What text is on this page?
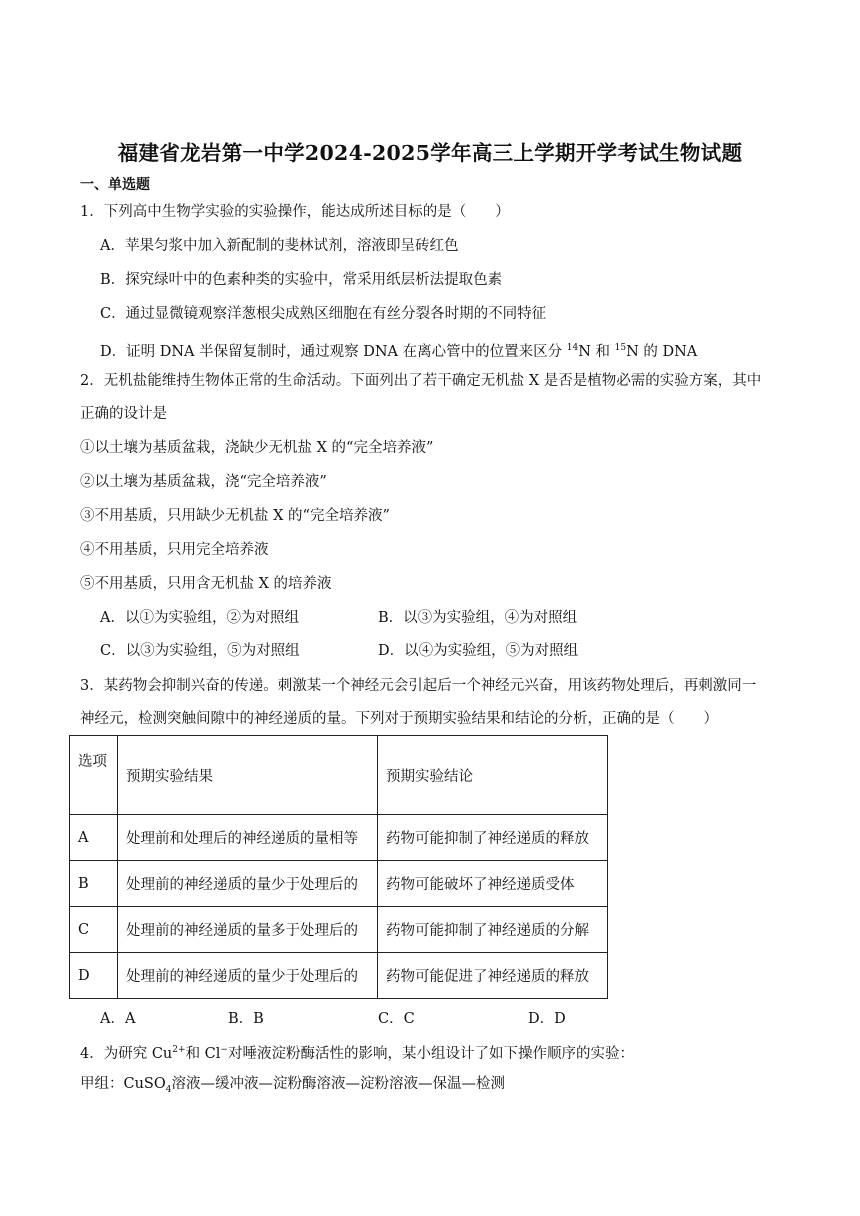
福建省龙岩第一中学2024-2025学年高三上学期开学考试生物试题
一、单选题
1．下列高中生物学实验的实验操作，能达成所述目标的是（　　）
A．苹果匀浆中加入新配制的斐林试剂，溶液即呈砖红色
B．探究绿叶中的色素种类的实验中，常采用纸层析法提取色素
C．通过显微镜观察洋葱根尖成熟区细胞在有丝分裂各时期的不同特征
D．证明 DNA 半保留复制时，通过观察 DNA 在离心管中的位置来区分 $^{14}$N 和 $^{15}$N 的 DNA
2．无机盐能维持生物体正常的生命活动。下面列出了若干确定无机盐 X 是否是植物必需的实验方案，其中
正确的设计是
①以土壤为基质盆栽，浇缺少无机盐 X 的“完全培养液”
②以土壤为基质盆栽，浇“完全培养液”
③不用基质，只用缺少无机盐 X 的“完全培养液”
④不用基质，只用完全培养液
⑤不用基质，只用含无机盐 X 的培养液
A．以①为实验组，②为对照组	B．以③为实验组，④为对照组
C．以③为实验组，⑤为对照组	D．以④为实验组，⑤为对照组
3．某药物会抑制兴奋的传递。刺激某一个神经元会引起后一个神经元兴奋，用该药物处理后，再刺激同一
神经元，检测突触间隙中的神经递质的量。下列对于预期实验结果和结论的分析，正确的是（　　）
选项	预期实验结果	预期实验结论
A	处理前和处理后的神经递质的量相等	药物可能抑制了神经递质的释放
B	处理前的神经递质的量少于处理后的	药物可能破坏了神经递质受体
C	处理前的神经递质的量多于处理后的	药物可能抑制了神经递质的分解
D	处理前的神经递质的量少于处理后的	药物可能促进了神经递质的释放
A．A	B．B	C．C	D．D
4．为研究 $Cu^{2+}$和 Cl−对唾液淀粉酶活性的影响，某小组设计了如下操作顺序的实验：
甲组：CuSO$_4$溶液—缓冲液—淀粉酶溶液—淀粉溶液—保温—检测
